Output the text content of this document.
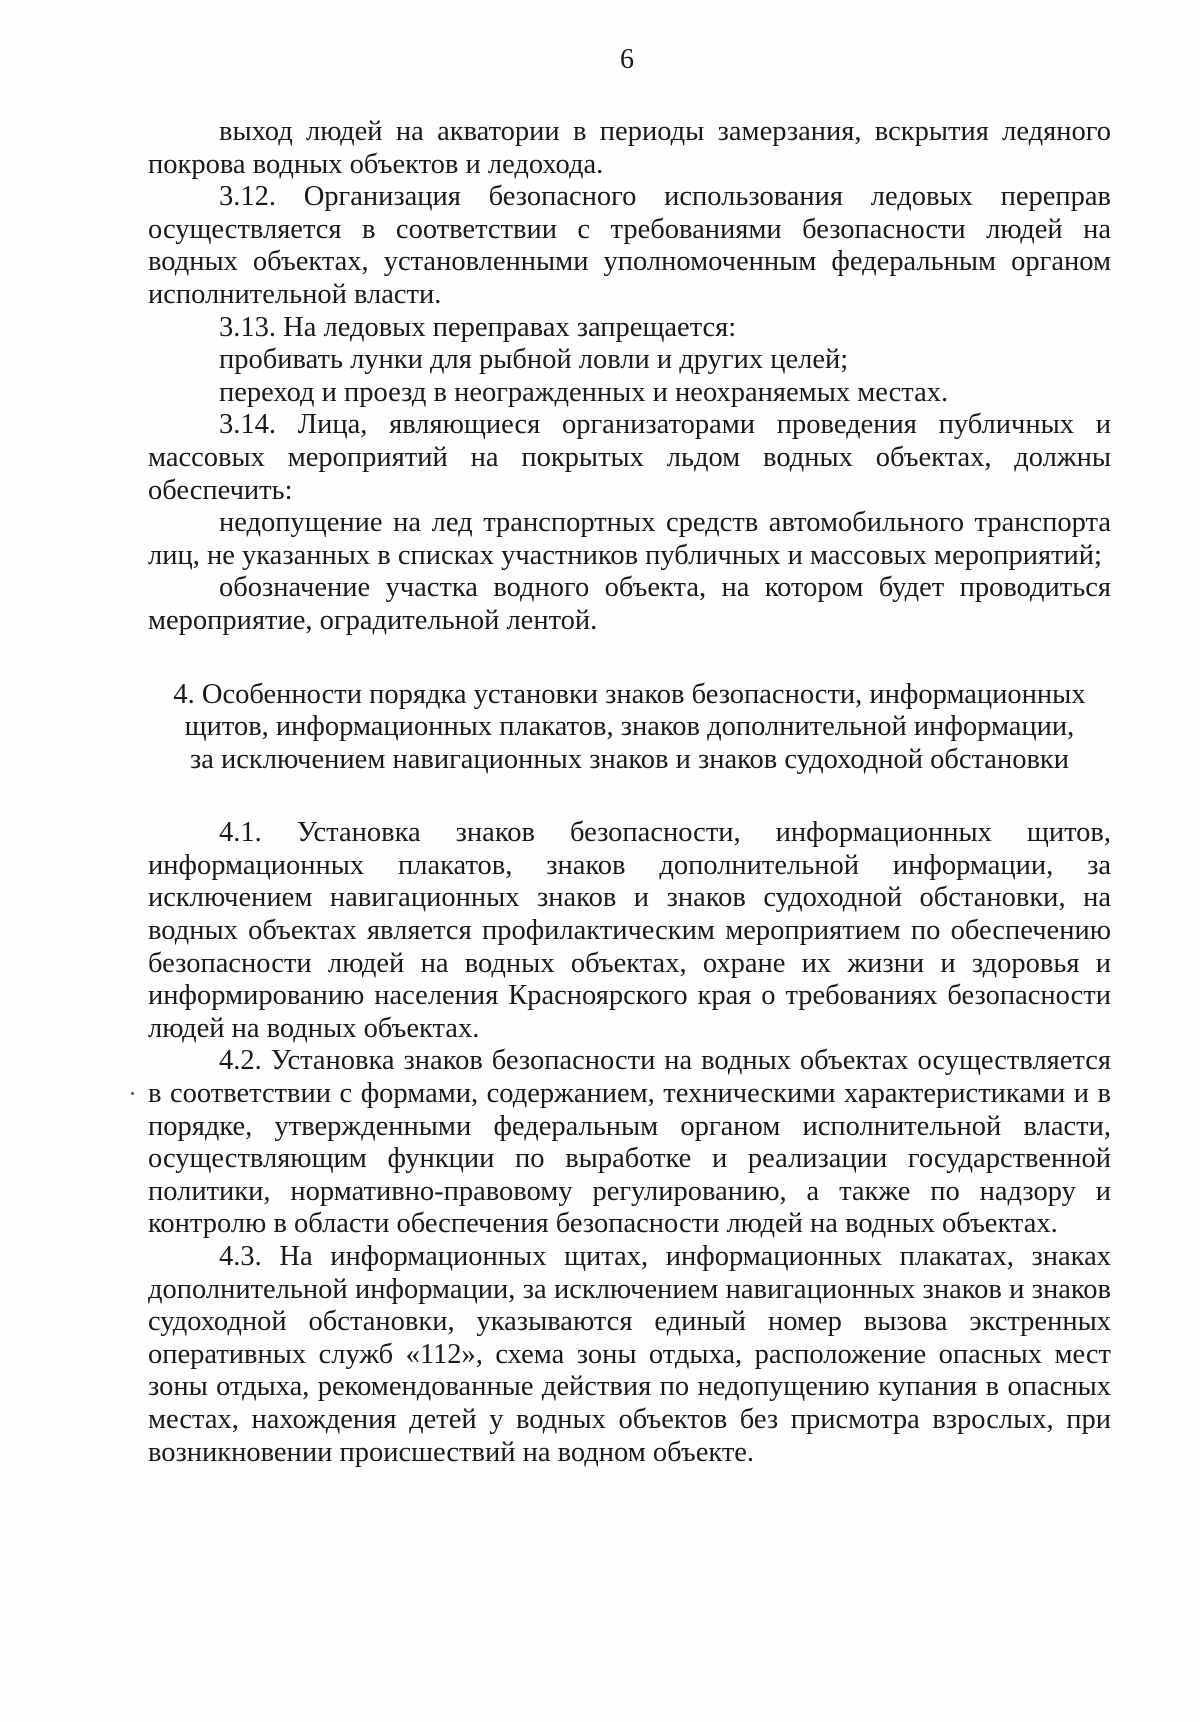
6

выход людей на акватории в периоды замерзания, вскрытия ледяного покрова водных объектов и ледохода.

3.12. Организация безопасного использования ледовых переправ осуществляется в соответствии с требованиями безопасности людей на водных объектах, установленными уполномоченным федеральным органом исполнительной власти.

3.13. На ледовых переправах запрещается:

пробивать лунки для рыбной ловли и других целей;

переход и проезд в неогражденных и неохраняемых местах.

3.14. Лица, являющиеся организаторами проведения публичных и массовых мероприятий на покрытых льдом водных объектах, должны обеспечить:

недопущение на лед транспортных средств автомобильного транспорта лиц, не указанных в списках участников публичных и массовых мероприятий;

обозначение участка водного объекта, на котором будет проводиться мероприятие, оградительной лентой.

4. Особенности порядка установки знаков безопасности, информационных
щитов, информационных плакатов, знаков дополнительной информации,
за исключением навигационных знаков и знаков судоходной обстановки

4.1. Установка знаков безопасности, информационных щитов, информационных плакатов, знаков дополнительной информации, за исключением навигационных знаков и знаков судоходной обстановки, на водных объектах является профилактическим мероприятием по обеспечению безопасности людей на водных объектах, охране их жизни и здоровья и информированию населения Красноярского края о требованиях безопасности людей на водных объектах.

4.2. Установка знаков безопасности на водных объектах осуществляется в соответствии с формами, содержанием, техническими характеристиками и в порядке, утвержденными федеральным органом исполнительной власти, осуществляющим функции по выработке и реализации государственной политики, нормативно-правовому регулированию, а также по надзору и контролю в области обеспечения безопасности людей на водных объектах.

4.3. На информационных щитах, информационных плакатах, знаках дополнительной информации, за исключением навигационных знаков и знаков судоходной обстановки, указываются единый номер вызова экстренных оперативных служб «112», схема зоны отдыха, расположение опасных мест зоны отдыха, рекомендованные действия по недопущению купания в опасных местах, нахождения детей у водных объектов без присмотра взрослых, при возникновении происшествий на водном объекте.
